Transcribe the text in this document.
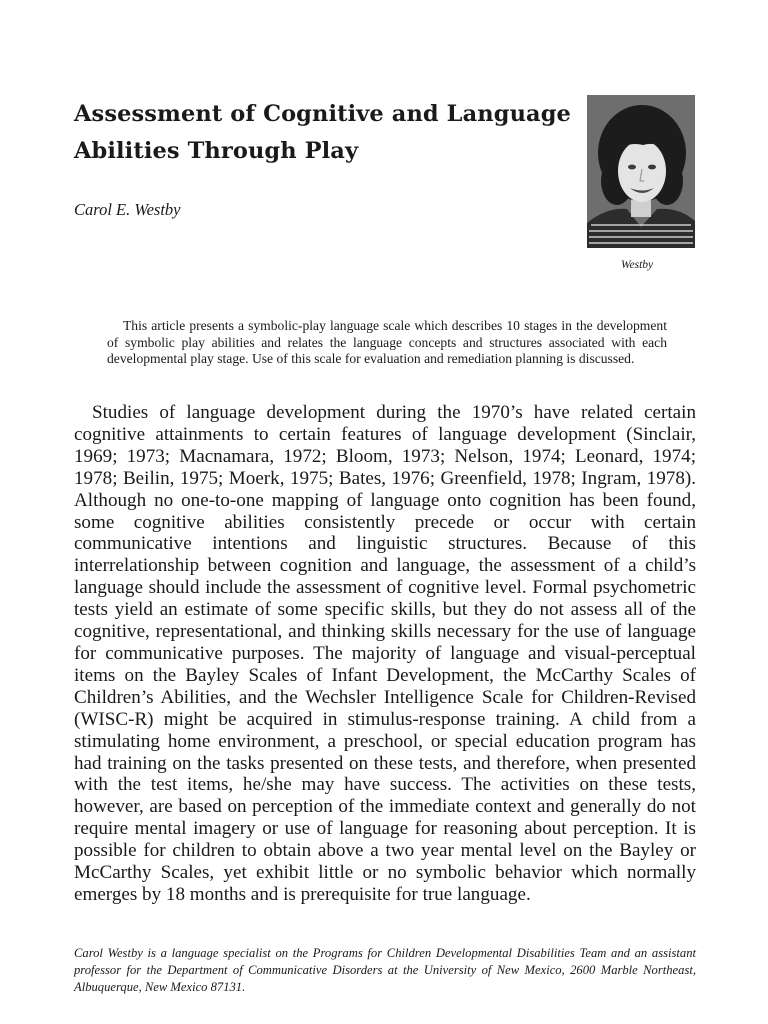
Assessment of Cognitive and Language Abilities Through Play

Carol E. Westby

Westby

This article presents a symbolic-play language scale which describes 10 stages in the development of symbolic play abilities and relates the language concepts and structures associated with each developmental play stage. Use of this scale for evaluation and remediation planning is discussed.

Studies of language development during the 1970’s have related certain cognitive attainments to certain features of language development (Sinclair, 1969; 1973; Macnamara, 1972; Bloom, 1973; Nelson, 1974; Leonard, 1974; 1978; Beilin, 1975; Moerk, 1975; Bates, 1976; Greenfield, 1978; Ingram, 1978). Although no one-to-one mapping of language onto cognition has been found, some cognitive abilities consistently precede or occur with certain communicative intentions and linguistic structures. Because of this interrelationship between cognition and language, the assessment of a child’s language should include the assessment of cognitive level. Formal psychometric tests yield an estimate of some specific skills, but they do not assess all of the cognitive, representational, and thinking skills necessary for the use of language for communicative purposes. The majority of language and visual-perceptual items on the Bayley Scales of Infant Development, the McCarthy Scales of Children’s Abilities, and the Wechsler Intelligence Scale for Children-Revised (WISC-R) might be acquired in stimulus-response training. A child from a stimulating home environment, a preschool, or special education program has had training on the tasks presented on these tests, and therefore, when presented with the test items, he/she may have success. The activities on these tests, however, are based on perception of the immediate context and generally do not require mental imagery or use of language for reasoning about perception. It is possible for children to obtain above a two year mental level on the Bayley or McCarthy Scales, yet exhibit little or no symbolic behavior which normally emerges by 18 months and is prerequisite for true language.

Carol Westby is a language specialist on the Programs for Children Developmental Disabilities Team and an assistant professor for the Department of Communicative Disorders at the University of New Mexico, 2600 Marble Northeast, Albuquerque, New Mexico 87131.
